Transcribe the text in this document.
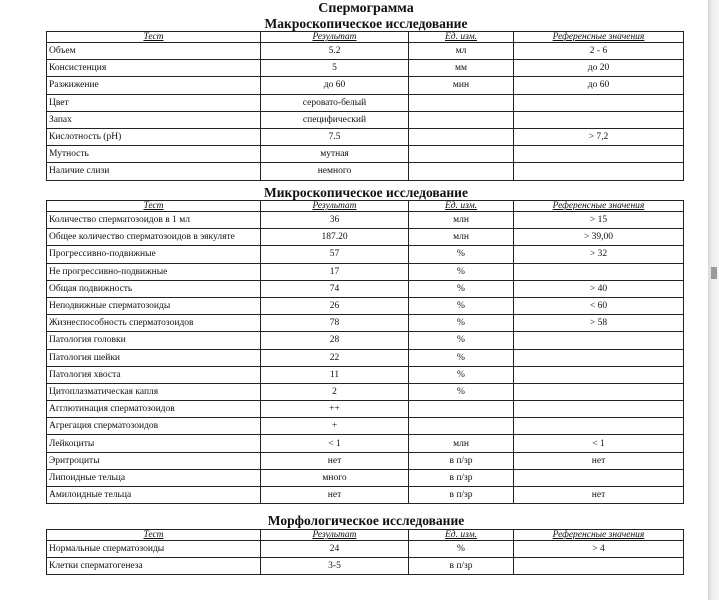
Спермограмма
Макроскопическое исследование
Тест	Результат	Ед. изм.	Референсные значения
Объем	5.2	мл	2 - 6
Консистенция	5	мм	до 20
Разжижение	до 60	мин	до 60
Цвет	серовато-белый		
Запах	специфический		
Кислотность (pH)	7.5		> 7,2
Мутность	мутная		
Наличие слизи	немного		
Микроскопическое исследование
Тест	Результат	Ед. изм.	Референсные значения
Количество сперматозоидов в 1 мл	36	млн	> 15
Общее количество сперматозоидов в эякуляте	187.20	млн	> 39,00
Прогрессивно-подвижные	57	%	> 32
Не прогрессивно-подвижные	17	%	
Общая подвижность	74	%	> 40
Неподвижные сперматозоиды	26	%	< 60
Жизнеспособность сперматозоидов	78	%	> 58
Патология головки	28	%	
Патология шейки	22	%	
Патология хвоста	11	%	
Цитоплазматическая капля	2	%	
Агглютинация сперматозоидов	++		
Агрегация сперматозоидов	+		
Лейкоциты	< 1	млн	< 1
Эритроциты	нет	в п/зр	нет
Липоидные тельца	много	в п/зр	
Амилоидные тельца	нет	в п/зр	нет
Морфологическое исследование
Тест	Результат	Ед. изм.	Референсные значения
Нормальные сперматозоиды	24	%	> 4
Клетки сперматогенеза	3-5	в п/зр	
